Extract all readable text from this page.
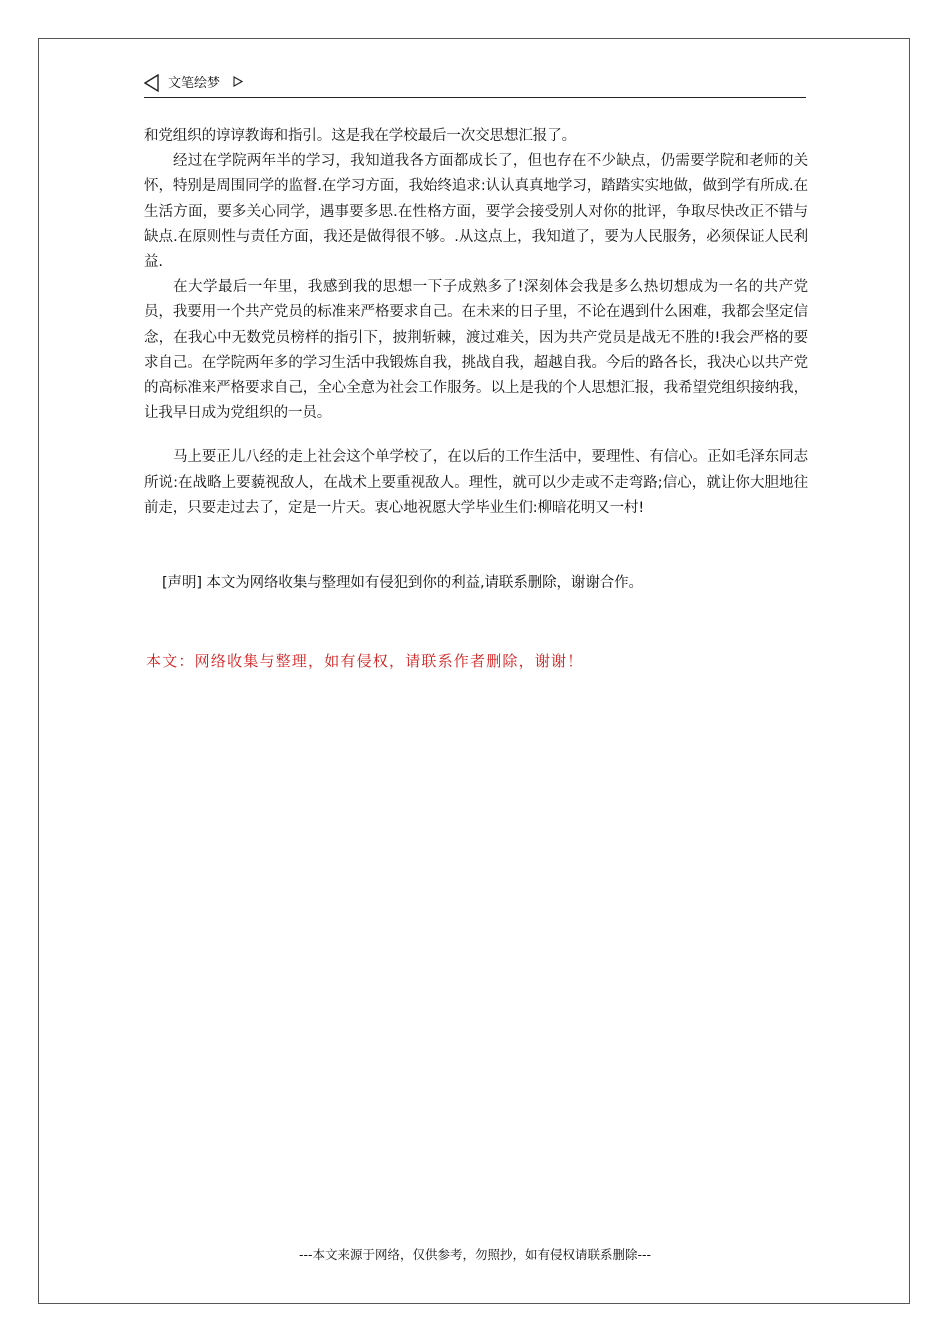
文笔绘梦

和党组织的谆谆教诲和指引。这是我在学校最后一次交思想汇报了。

经过在学院两年半的学习，我知道我各方面都成长了，但也存在不少缺点，仍需要学院和老师的关怀，特别是周围同学的监督.在学习方面，我始终追求:认认真真地学习，踏踏实实地做，做到学有所成.在生活方面，要多关心同学，遇事要多思.在性格方面，要学会接受别人对你的批评，争取尽快改正不错与缺点.在原则性与责任方面，我还是做得很不够。.从这点上，我知道了，要为人民服务，必须保证人民利益.

在大学最后一年里，我感到我的思想一下子成熟多了!深刻体会我是多么热切想成为一名的共产党员，我要用一个共产党员的标准来严格要求自己。在未来的日子里，不论在遇到什么困难，我都会坚定信念，在我心中无数党员榜样的指引下，披荆斩棘，渡过难关，因为共产党员是战无不胜的!我会严格的要求自己。在学院两年多的学习生活中我锻炼自我，挑战自我，超越自我。今后的路各长，我决心以共产党的高标准来严格要求自己，全心全意为社会工作服务。以上是我的个人思想汇报，我希望党组织接纳我，让我早日成为党组织的一员。

马上要正儿八经的走上社会这个单学校了，在以后的工作生活中，要理性、有信心。正如毛泽东同志所说:在战略上要藐视敌人，在战术上要重视敌人。理性，就可以少走或不走弯路;信心，就让你大胆地往前走，只要走过去了，定是一片天。衷心地祝愿大学毕业生们:柳暗花明又一村!

[声明] 本文为网络收集与整理如有侵犯到你的利益,请联系删除，谢谢合作。

本文：网络收集与整理，如有侵权，请联系作者删除，谢谢！
---本文来源于网络，仅供参考，勿照抄，如有侵权请联系删除---
